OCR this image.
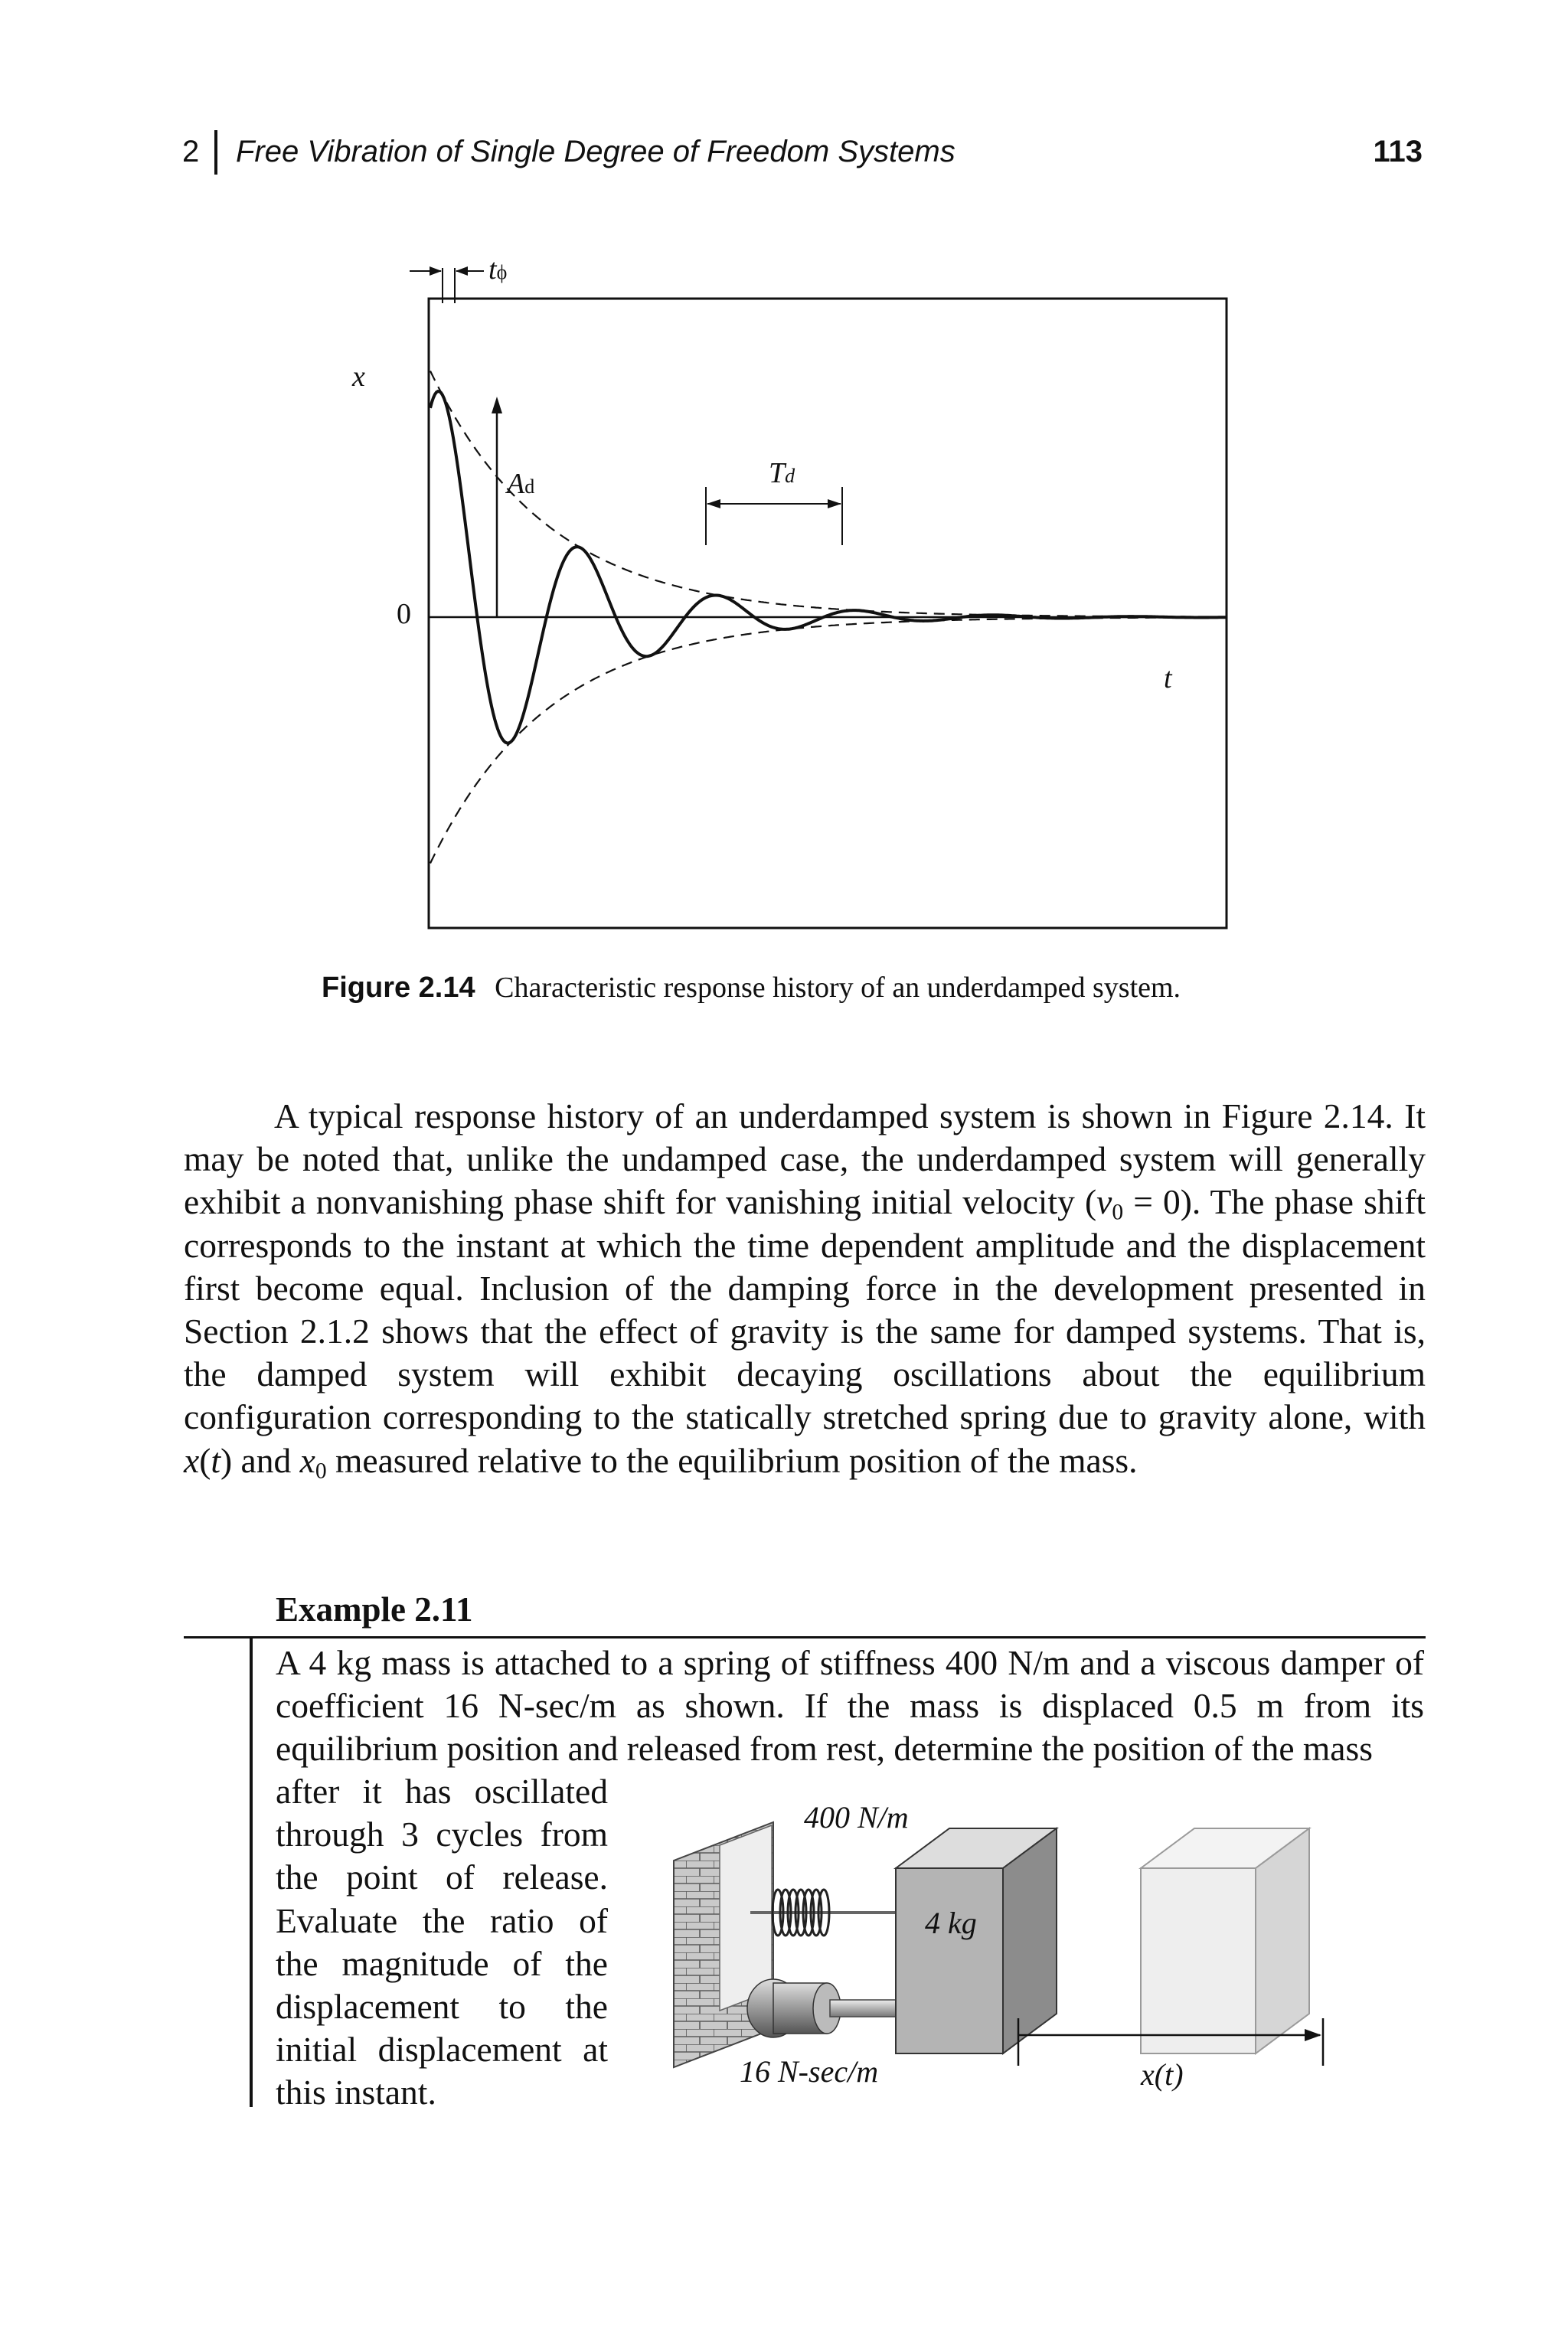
2 Free Vibration of Single Degree of Freedom Systems	113
tϕ
x
0
Ad	Td
t
Figure 2.14 Characteristic response history of an underdamped system.

A typical response history of an underdamped system is shown in Figure 2.14. It may be noted that, unlike the undamped case, the underdamped system will generally exhibit a nonvanishing phase shift for vanishing initial velocity $(v_0 = 0)$. The phase shift corresponds to the instant at which the time dependent amplitude and the displacement first become equal. Inclusion of the damping force in the development presented in Section 2.1.2 shows that the effect of gravity is the same for damped systems. That is, the damped system will exhibit decaying oscillations about the equilibrium configuration corresponding to the statically stretched spring due to gravity alone, with x(t) and $x_0$ measured relative to the equilibrium position of the mass.

Example 2.11
A 4 kg mass is attached to a spring of stiffness 400 N/m and a viscous damper of coefficient 16 N-sec/m as shown. If the mass is displaced 0.5 m from its equilibrium position and released from rest, determine the position of the mass
after it has oscillated through 3 cycles from the point of release. Evaluate the ratio of the magnitude of the displacement to the initial displacement at this instant.
400 N/m
4 kg
16 N-sec/m	x(t)
